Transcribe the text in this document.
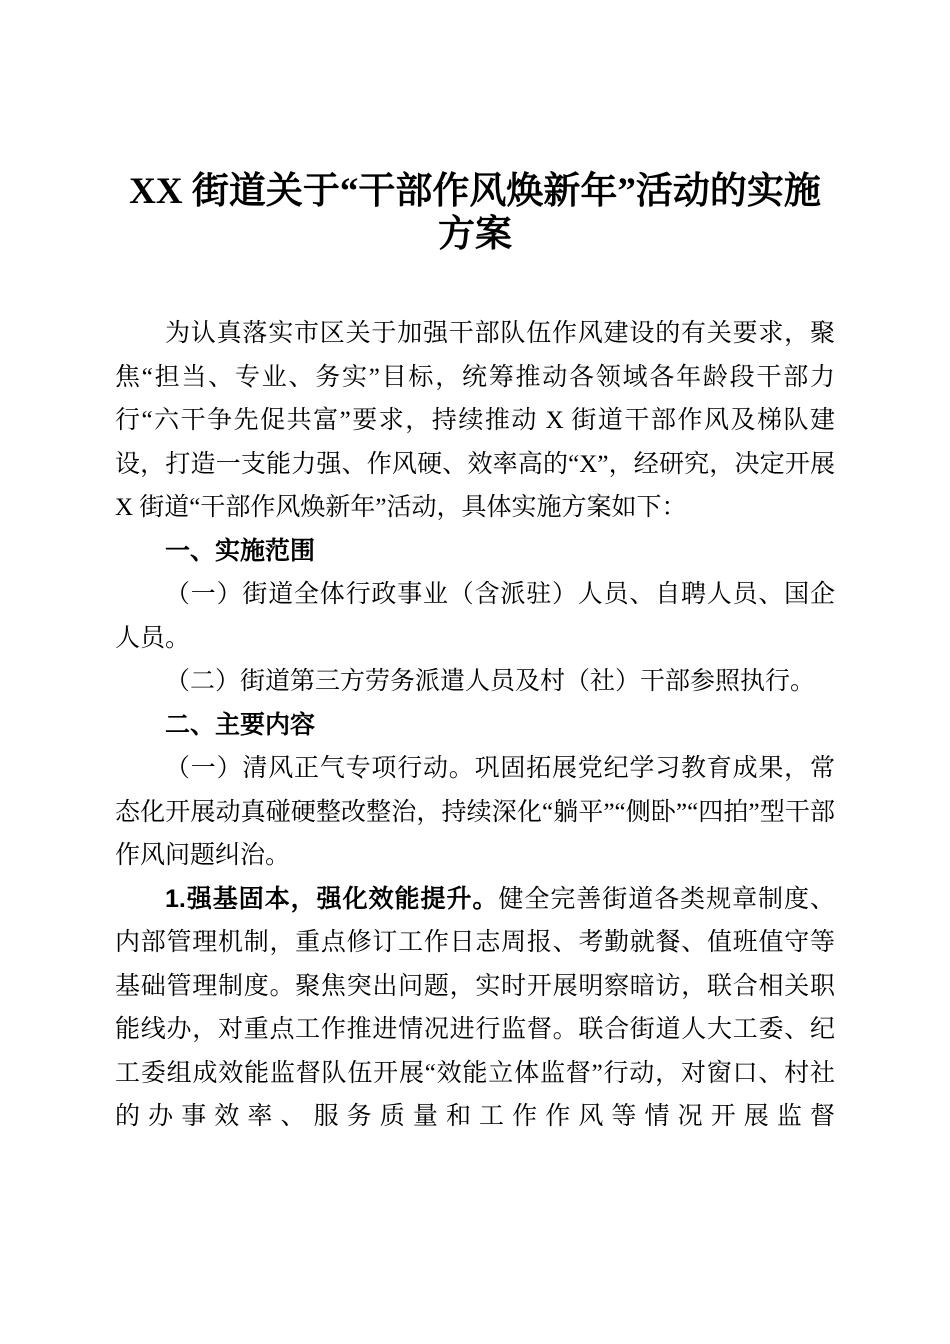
XX 街道关于“干部作风焕新年”活动的实施
方案

为认真落实市区关于加强干部队伍作风建设的有关要求，聚焦“担当、专业、务实”目标，统筹推动各领域各年龄段干部力行“六干争先促共富”要求，持续推动 X 街道干部作风及梯队建设，打造一支能力强、作风硬、效率高的“X”，经研究，决定开展 X 街道“干部作风焕新年”活动，具体实施方案如下：

一、实施范围

（一）街道全体行政事业（含派驻）人员、自聘人员、国企人员。

（二）街道第三方劳务派遣人员及村（社）干部参照执行。

二、主要内容

（一）清风正气专项行动。巩固拓展党纪学习教育成果，常态化开展动真碰硬整改整治，持续深化“躺平”“侧卧”“四拍”型干部作风问题纠治。

1.强基固本，强化效能提升。健全完善街道各类规章制度、内部管理机制，重点修订工作日志周报、考勤就餐、值班值守等基础管理制度。聚焦突出问题，实时开展明察暗访，联合相关职能线办，对重点工作推进情况进行监督。联合街道人大工委、纪工委组成效能监督队伍开展“效能立体监督”行动，对窗口、村社的办事效率、服务质量和工作作风等情况开展监督
